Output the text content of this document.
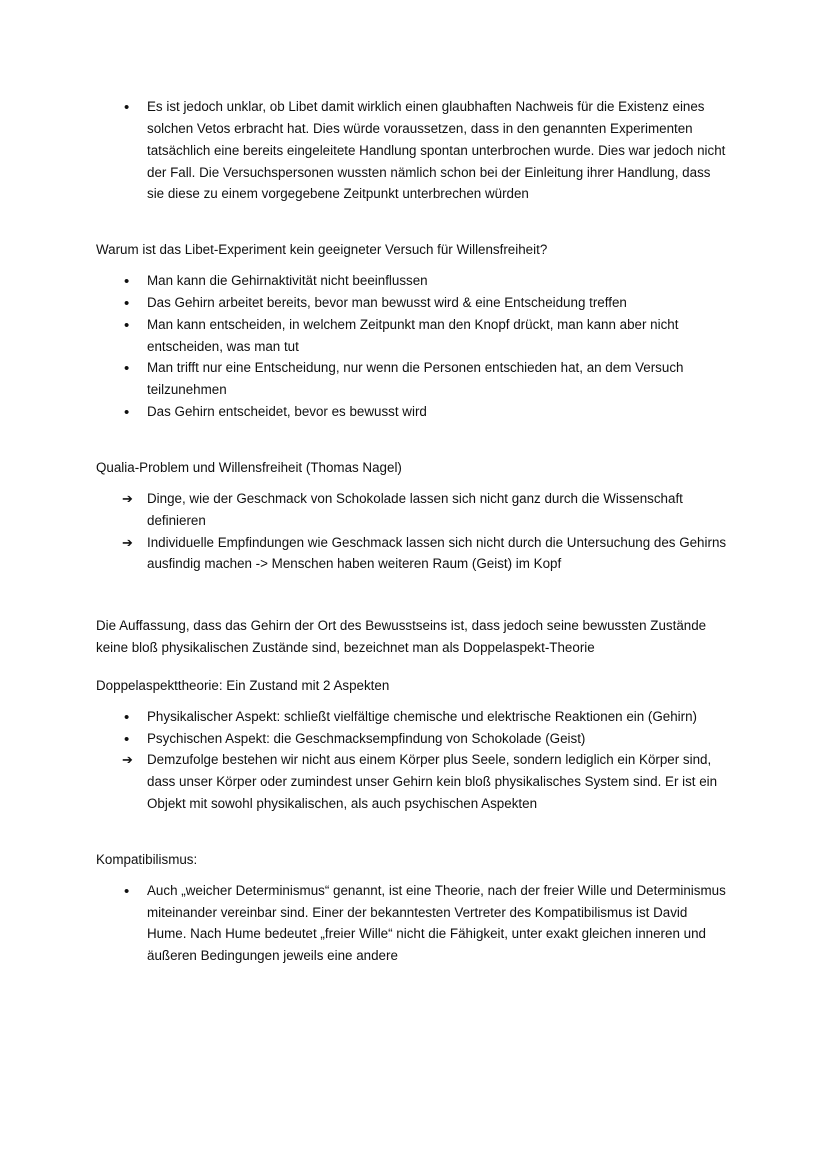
•	Es ist jedoch unklar, ob Libet damit wirklich einen glaubhaften Nachweis für die Existenz eines solchen Vetos erbracht hat. Dies würde voraussetzen, dass in den genannten Experimenten tatsächlich eine bereits eingeleitete Handlung spontan unterbrochen wurde. Dies war jedoch nicht der Fall. Die Versuchspersonen wussten nämlich schon bei der Einleitung ihrer Handlung, dass sie diese zu einem vorgegebene Zeitpunkt unterbrechen würden

Warum ist das Libet-Experiment kein geeigneter Versuch für Willensfreiheit?

•	Man kann die Gehirnaktivität nicht beeinflussen
•	Das Gehirn arbeitet bereits, bevor man bewusst wird & eine Entscheidung treffen
•	Man kann entscheiden, in welchem Zeitpunkt man den Knopf drückt, man kann aber nicht entscheiden, was man tut
•	Man trifft nur eine Entscheidung, nur wenn die Personen entschieden hat, an dem Versuch teilzunehmen
•	Das Gehirn entscheidet, bevor es bewusst wird

Qualia-Problem und Willensfreiheit (Thomas Nagel)

➔	Dinge, wie der Geschmack von Schokolade lassen sich nicht ganz durch die Wissenschaft definieren
➔	Individuelle Empfindungen wie Geschmack lassen sich nicht durch die Untersuchung des Gehirns ausfindig machen -> Menschen haben weiteren Raum (Geist) im Kopf

Die Auffassung, dass das Gehirn der Ort des Bewusstseins ist, dass jedoch seine bewussten Zustände keine bloß physikalischen Zustände sind, bezeichnet man als Doppelaspekt-Theorie

Doppelaspekttheorie: Ein Zustand mit 2 Aspekten

•	Physikalischer Aspekt: schließt vielfältige chemische und elektrische Reaktionen ein (Gehirn)
•	Psychischen Aspekt: die Geschmacksempfindung von Schokolade (Geist)
➔	Demzufolge bestehen wir nicht aus einem Körper plus Seele, sondern lediglich ein Körper sind, dass unser Körper oder zumindest unser Gehirn kein bloß physikalisches System sind. Er ist ein Objekt mit sowohl physikalischen, als auch psychischen Aspekten

Kompatibilismus:

•	Auch „weicher Determinismus“ genannt, ist eine Theorie, nach der freier Wille und Determinismus miteinander vereinbar sind. Einer der bekanntesten Vertreter des Kompatibilismus ist David Hume. Nach Hume bedeutet „freier Wille“ nicht die Fähigkeit, unter exakt gleichen inneren und äußeren Bedingungen jeweils eine andere
